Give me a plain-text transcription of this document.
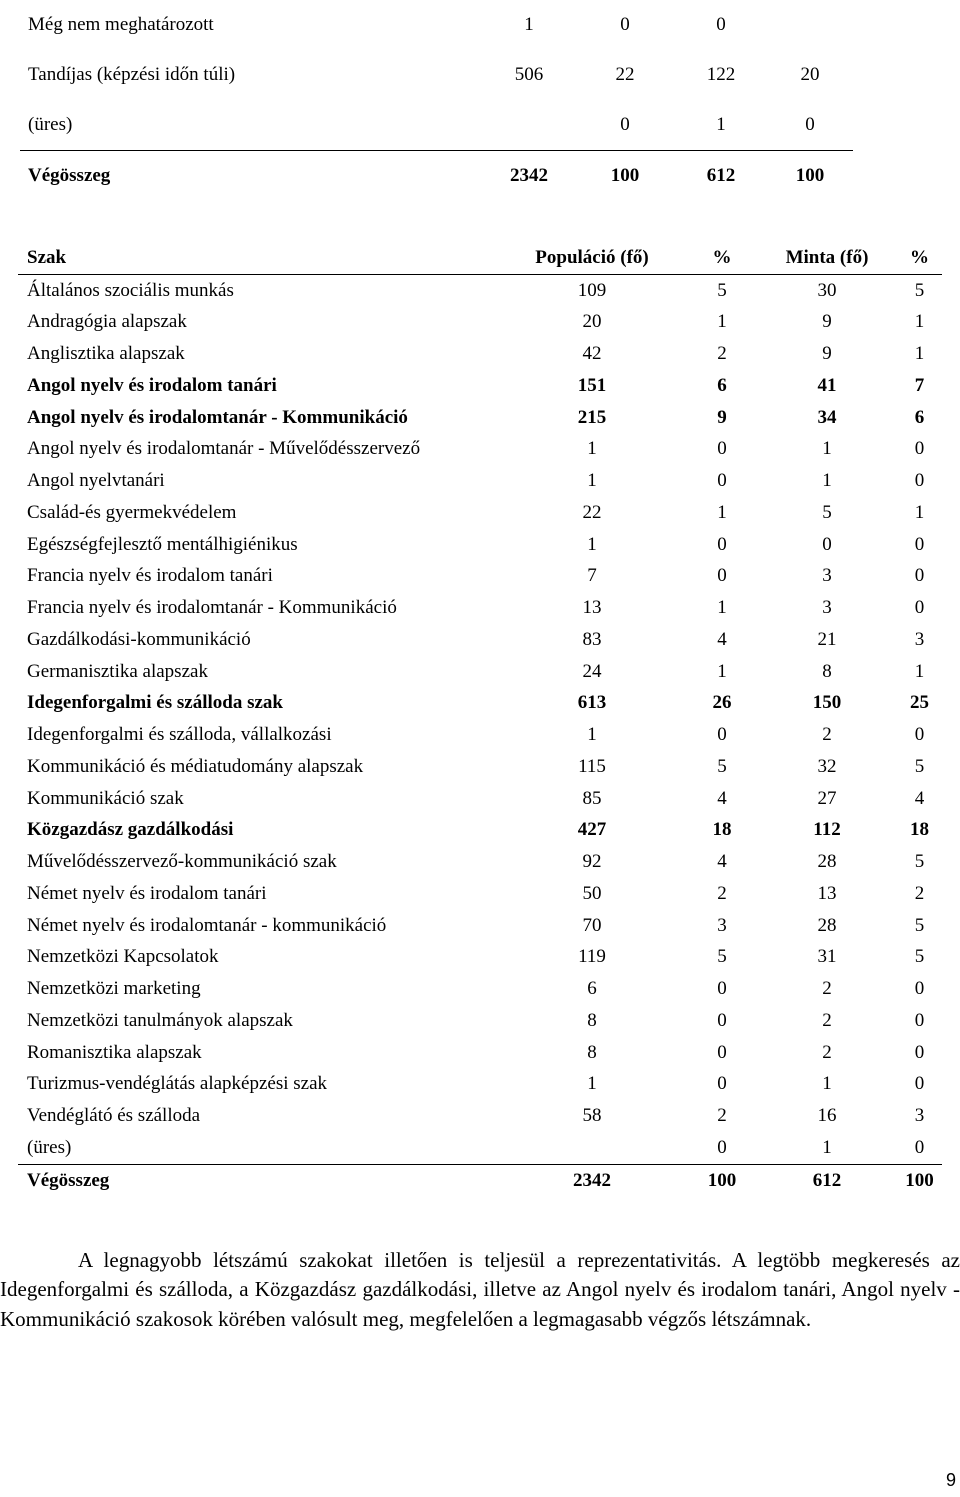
Még nem meghatározott	1	0	0	
Tandíjas (képzési időn túli)	506	22	122	20
(üres)		0	1	0
Végösszeg	2342	100	612	100
Szak	Populáció (fő)	%	Minta (fő)	%
Általános szociális munkás	109	5	30	5
Andragógia alapszak	20	1	9	1
Anglisztika alapszak	42	2	9	1
Angol nyelv és irodalom tanári	151	6	41	7
Angol nyelv és irodalomtanár - Kommunikáció	215	9	34	6
Angol nyelv és irodalomtanár - Művelődésszervező	1	0	1	0
Angol nyelvtanári	1	0	1	0
Család-és gyermekvédelem	22	1	5	1
Egészségfejlesztő mentálhigiénikus	1	0	0	0
Francia nyelv és irodalom tanári	7	0	3	0
Francia nyelv és irodalomtanár - Kommunikáció	13	1	3	0
Gazdálkodási-kommunikáció	83	4	21	3
Germanisztika alapszak	24	1	8	1
Idegenforgalmi és szálloda szak	613	26	150	25
Idegenforgalmi és szálloda, vállalkozási	1	0	2	0
Kommunikáció és médiatudomány alapszak	115	5	32	5
Kommunikáció szak	85	4	27	4
Közgazdász gazdálkodási	427	18	112	18
Művelődésszervező-kommunikáció szak	92	4	28	5
Német nyelv és irodalom tanári	50	2	13	2
Német nyelv és irodalomtanár - kommunikáció	70	3	28	5
Nemzetközi Kapcsolatok	119	5	31	5
Nemzetközi marketing	6	0	2	0
Nemzetközi tanulmányok alapszak	8	0	2	0
Romanisztika alapszak	8	0	2	0
Turizmus-vendéglátás alapképzési szak	1	0	1	0
Vendéglátó és szálloda	58	2	16	3
(üres)		0	1	0
Végösszeg	2342	100	612	100
A legnagyobb létszámú szakokat illetően is teljesül a reprezentativitás. A legtöbb megkeresés az Idegenforgalmi és szálloda, a Közgazdász gazdálkodási, illetve az Angol nyelv és irodalom tanári, Angol nyelv - Kommunikáció szakosok körében valósult meg, megfelelően a legmagasabb végzős létszámnak.
9
